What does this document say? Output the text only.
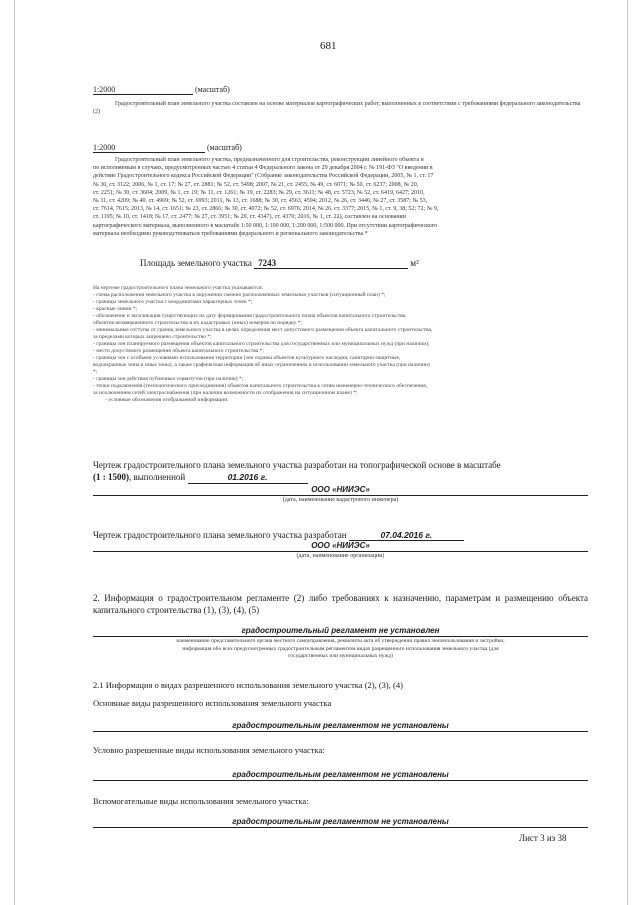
681
1:2000	(масштаб)
Градостроительный план земельного участка составлен на основе материалов картографических работ, выполненных в соответствии с требованиями федерального законодательства (2)
1:2000	(масштаб)

Градостроительный план земельного участка, предназначенного для строительства, реконструкции линейного объекта и

по исполняемым в случаях, предусмотренных частью 4 статьи 4 Федерального закона от 29 декабря 2004 г. № 191-ФЗ "О введении в

действие Градостроительного кодекса Российской Федерации" (Собрание законодательства Российской Федерации, 2005, № 1, ст. 17

№ 30, ст. 3122; 2006, № 1, ст. 17; № 27, ст. 2881; № 52, ст. 5498; 2007, № 21, ст. 2455; № 49, ст. 6071; № 50, ст. 6237; 2008, № 20,

ст. 2251; № 30, ст. 3604; 2009, № 1, ст. 19; № 11, ст. 1261; № 19, ст. 2283; № 29, ст. 3611; № 48, ст. 5723; № 52, ст. 6419, 6427; 2010,

№ 31, ст. 4209; № 40, ст. 4969; № 52, ст. 6993; 2011, № 13, ст. 1688; № 30, ст. 4563, 4594; 2012, № 26, ст. 3446; № 27, ст. 3587; № 53,

ст. 7614, 7615; 2013, № 14, ст. 1651; № 23, ст. 2866; № 30, ст. 4072; № 52, ст. 6976; 2014, № 26, ст. 3377; 2015, № 1, ст. 9, 38; 52; 72; № 9,

ст. 1195; № 10, ст. 1418; № 17, ст. 2477; № 27, ст. 3951; № 29, ст. 4347), ст. 4370; 2016, № 1, ст. 22), составлен на основании

картографического материала, выполненного в масштабе 1:50 000, 1:100 000, 1:200 000, 1:500 000. При отсутствии картографического

материала необходимо руководствоваться требованиями федерального и регионального законодательства *

Площадь земельного участка 7243	м²

На чертеже градостроительного плана земельного участка указываются:

- схема расположения земельного участка в окружении смежно расположенных земельных участков (ситуационный план) *;

- границы земельного участка с координатами характерных точек *;

- красные линии *;

- обозначение и экспликация существующих на дату формирования градостроительного плана объектов капитального строительства,

объектов незавершенного строительства и их кадастровых (иных) номеров по порядку *;

- минимальные отступы от границ земельного участка в целях определения мест допустимого размещения объекта капитального строительства,

за пределами которых запрещено строительство *;

- границы зон планируемого размещения объектов капитального строительства для государственных или муниципальных нужд (при наличии);

- место допустимого размещения объекта капитального строительства *;

- границы зон с особыми условиями использования территории (зон охраны объектов культурного наследия, санитарно-защитные,

водоохранные зоны и иные зоны), а также графическая информация об иных ограничениях в использовании земельного участка (при наличии)

*;

- границы зон действия публичных сервитутов (при наличии) *;

- точки подключения (технологического присоединения) объектов капитального строительства к сетям инженерно-технического обеспечения,

за исключением сетей электроснабжения (при наличии возможности их отображения на ситуационном плане) *;

- условные обозначения отображаемой информации.

Чертеж градостроительного плана земельного участка разработан на топографической основе в масштабе

(1 : 1500), выполненной	01.2016 г.

ООО «НИИЭС»
(дата, наименование кадастрового инженера)
Чертеж градостроительного плана земельного участка разработан	07.04.2016 г.
ООО «НИИЭС»
(дата, наименование организации)
2. Информация о градостроительном регламенте (2) либо требованиях к назначению, параметрам и размещению объекта капитального строительства (1), (3), (4), (5)
градостроительный регламент не установлен

наименование представительного органа местного самоуправления, реквизиты акта об утверждении правил землепользования и застройки,

информация обо всех предусмотренных градостроительным регламентом видах разрешенного использования земельного участка (для

государственных или муниципальных нужд)

2.1 Информация о видах разрешенного использования земельного участка (2), (3), (4)
Основные виды разрешенного использования земельного участка
градостроительным регламентом не установлены
Условно разрешенные виды использования земельного участка:
градостроительным регламентом не установлены
Вспомогательные виды использования земельного участка:
градостроительным регламентом не установлены
Лист 3 из 38
